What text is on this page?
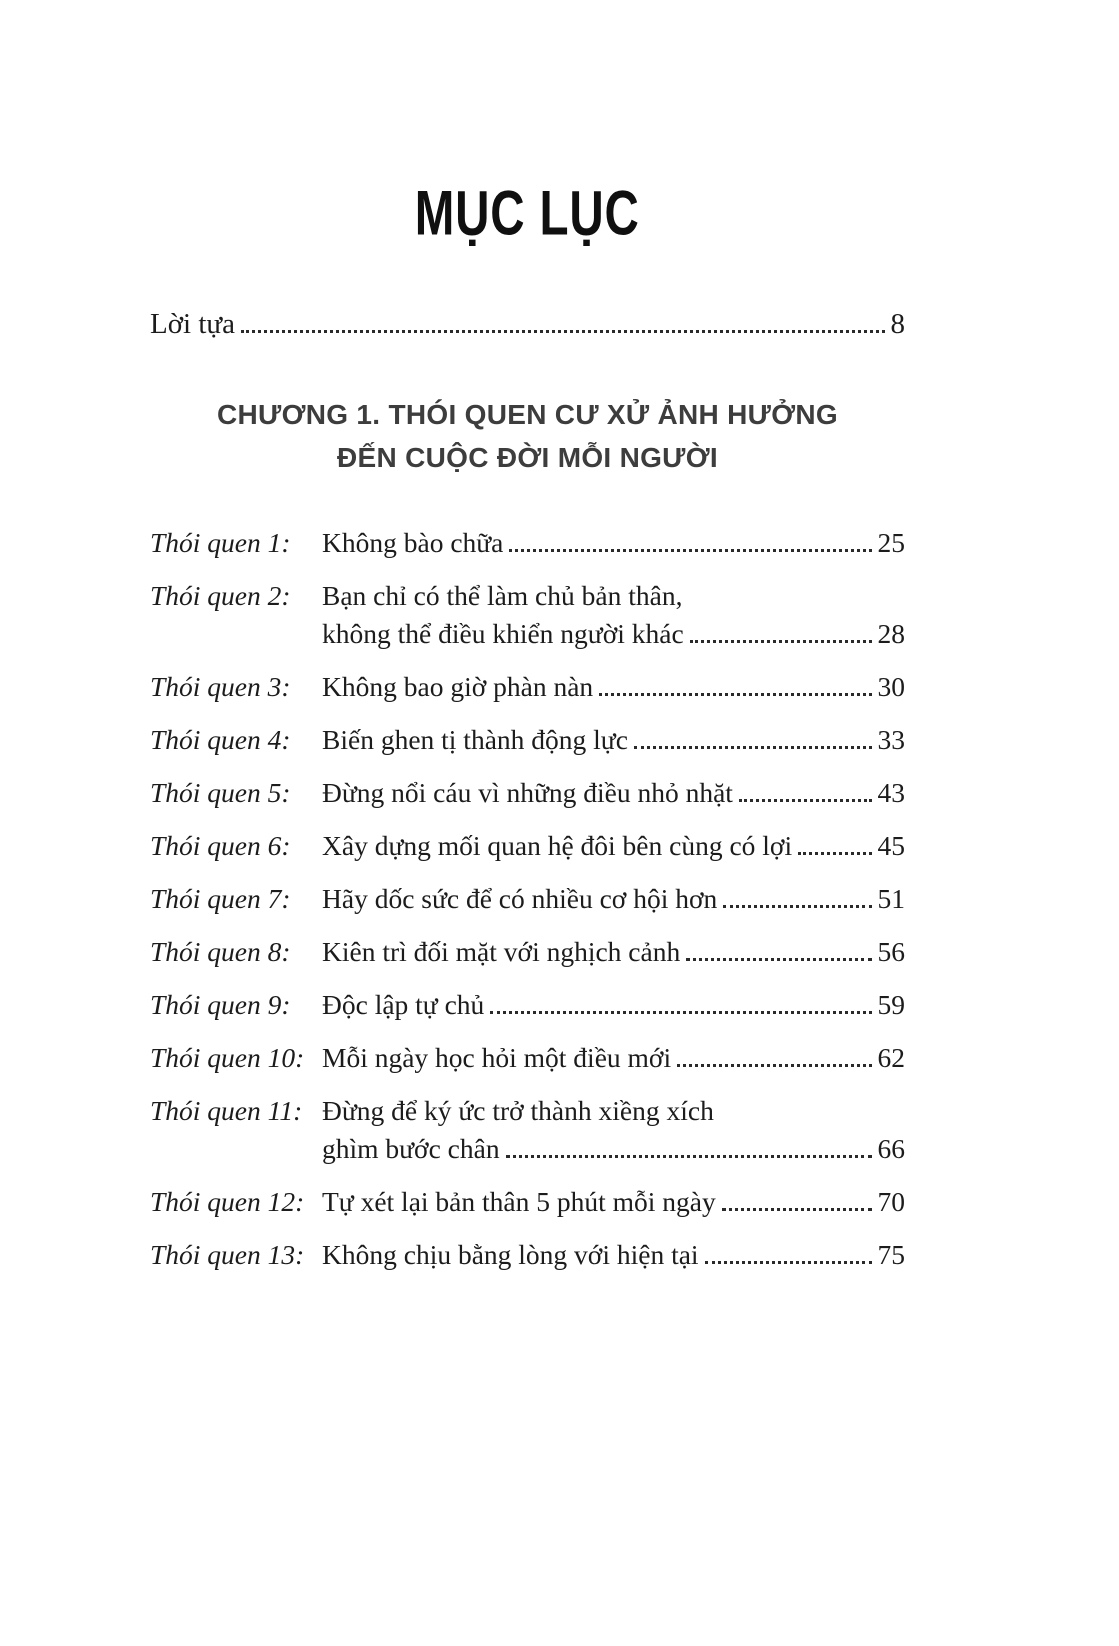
MỤC LỤC
Lời tựa	8
CHƯƠNG 1. THÓI QUEN CƯ XỬ ẢNH HƯỞNG
ĐẾN CUỘC ĐỜI MỖI NGƯỜI
Thói quen 1:	Không bào chữa	25
Thói quen 2:	Bạn chỉ có thể làm chủ bản thân,
không thể điều khiển người khác	28
Thói quen 3:	Không bao giờ phàn nàn	30
Thói quen 4:	Biến ghen tị thành động lực	33
Thói quen 5:	Đừng nổi cáu vì những điều nhỏ nhặt	43
Thói quen 6:	Xây dựng mối quan hệ đôi bên cùng có lợi	45
Thói quen 7:	Hãy dốc sức để có nhiều cơ hội hơn	51
Thói quen 8:	Kiên trì đối mặt với nghịch cảnh	56
Thói quen 9:	Độc lập tự chủ	59
Thói quen 10: Mỗi ngày học hỏi một điều mới	62
Thói quen 11: Đừng để ký ức trở thành xiềng xích
ghìm bước chân	66
Thói quen 12: Tự xét lại bản thân 5 phút mỗi ngày	70
Thói quen 13: Không chịu bằng lòng với hiện tại	75
